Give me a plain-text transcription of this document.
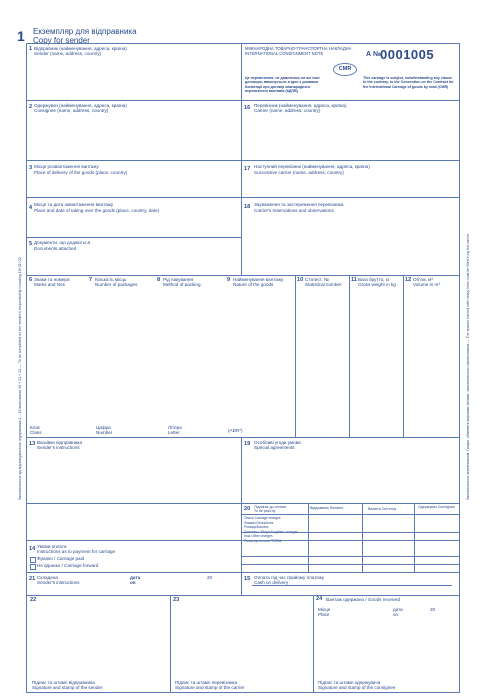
1 Екземпляр для відправника
Copy for sender
1 Відправник (найменування, адреса, країна)
Sender (name, address, country)
МІЖНАРОДНА ТОВАРНО-ТРАНСПОРТНА НАКЛАДНА
INTERNATIONAL CONSIGNMENT NOTE	А № 0001005
CMR
Це перевезення, не дивлячись на всі інші договори, виконується згідно з умовами Конвенції про договір міжнародного перевезення вантажів (КДПВ)
This carriage is subject, notwithstanding any clause to the contrary, to the Convention on the Contract for the international Carriage of goods by road (CMR)
2 Одержувач (найменування, адреса, країна)
Consignee (name, address, country)	16 Перевізник (найменування, адреса, країна)
Carrier (name, address, country)
3 Місце розвантаження вантажу
Place of delivery of the goods (place, country)
17 Наступний перевізник (найменування, адреса, країна)
Successive carrier (name, address, country)
4
Місце та дата завантаження вантажу
Place and date of taking over the goods (place, country, date)
18 Зауваження та застереження перевізника
Carrier's reservations and observations
5 Документи, що додаються
Documents attached
6 Знаки та номери
Marks and Nos
7 Кількість місць
Number of packages
8 Рід пакування
Method of packing
9 Найменування вантажу
Nature of the goods
10 Статист. №
Statistical number
11 Вага брутто, кг
Gross weight in kg
12 Об'єм, м³
Volume in m³
Клас
Class
Цифра
Number
Літера
Letter	(ADR*)
13 Вказівки відправника
Sender's instructions
19 Особливі угоди умови
Special agreements
20 Підлягає до оплати
To be paid by
Відправник Senders	Валюта Currency	Одержувач Consignee
Плата Carriage charges
Знижки Deductions
Різниця/Баланс
Доплати / Збори Supplem. charges
Інші Other charges
Разом до сплати TOTAL
14 Умови оплати
Instructions as to payment for carriage
Франко / Carriage paid
Не франко / Carriage forward
21 Складена
Sender's instructions
дата
on
20	15 Оплата під час прийому платежу
Cash on delivery
22
Підпис та штамп відправника
Signature and stamp of the sender
23
Підпис та штамп перевізника
Signature and stamp of the carrier
24 Вантаж одержано / Goods received
Місце
Place
дата
on
20
Підпис та штамп одержувача
Signature and stamp of the consignee
Заповнюється під відповідальність відправника 1 – 15 включаючи 19 + 21 + 22 — To be completed on the sender's responsibility including 19+21+22	Заповнюється перевізником. Графи, обмежені жирними лініями, заповнюються перевізником — The spaces framed with heavy lines must be filled in by the carrier
